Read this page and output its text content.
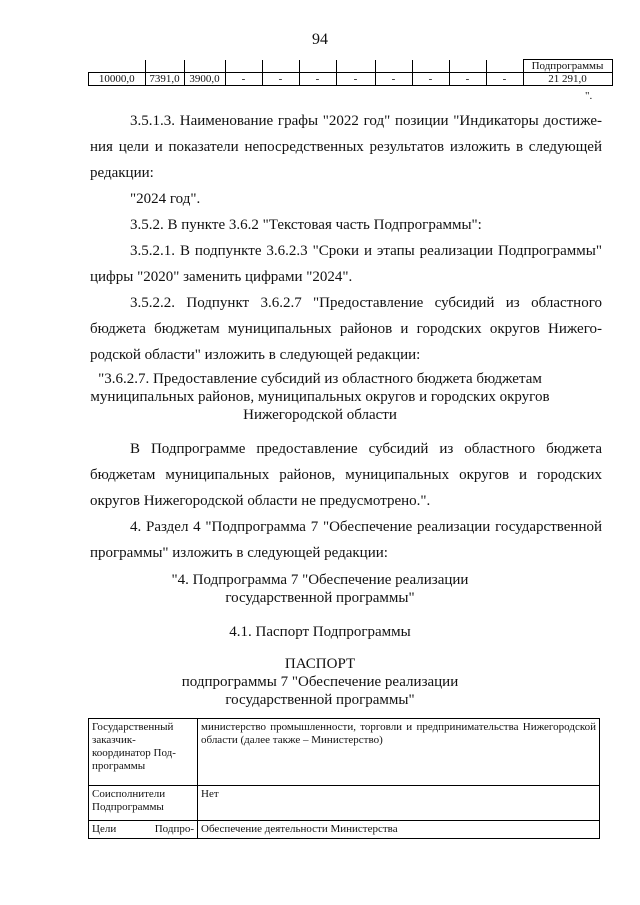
94
											Подпрограммы
10000,0	7391,0	3900,0	-	-	-	-	-	-	-	-	21 291,0
".
3.5.1.3. Наименование графы "2022 год" позиции "Индикаторы достиже-
ния цели и показатели непосредственных результатов изложить в следующей
редакции:
"2024 год".
3.5.2. В пункте 3.6.2 "Текстовая часть Подпрограммы":
3.5.2.1. В подпункте 3.6.2.3 "Сроки и этапы реализации Подпрограммы"
цифры "2020" заменить цифрами "2024".
3.5.2.2. Подпункт 3.6.2.7 "Предоставление субсидий из областного
бюджета бюджетам муниципальных районов и городских округов Нижего-
родской области" изложить в следующей редакции:
"3.6.2.7. Предоставление субсидий из областного бюджета бюджетам
муниципальных районов, муниципальных округов и городских округов
Нижегородской области
В Подпрограмме предоставление субсидий из областного бюджета
бюджетам муниципальных районов, муниципальных округов и городских
округов Нижегородской области не предусмотрено.".
4. Раздел 4 "Подпрограмма 7 "Обеспечение реализации государственной
программы" изложить в следующей редакции:
"4. Подпрограмма 7 "Обеспечение реализации
государственной программы"
4.1. Паспорт Подпрограммы
ПАСПОРТ
подпрограммы 7 "Обеспечение реализации
государственной программы"
Государственный заказчик-координатор Под-программы	министерство промышленности, торговли и предпринимательства Нижегородской области (далее также – Министерство)
Соисполнители Подпрограммы	Нет
Цели Подпро-	Обеспечение деятельности Министерства
